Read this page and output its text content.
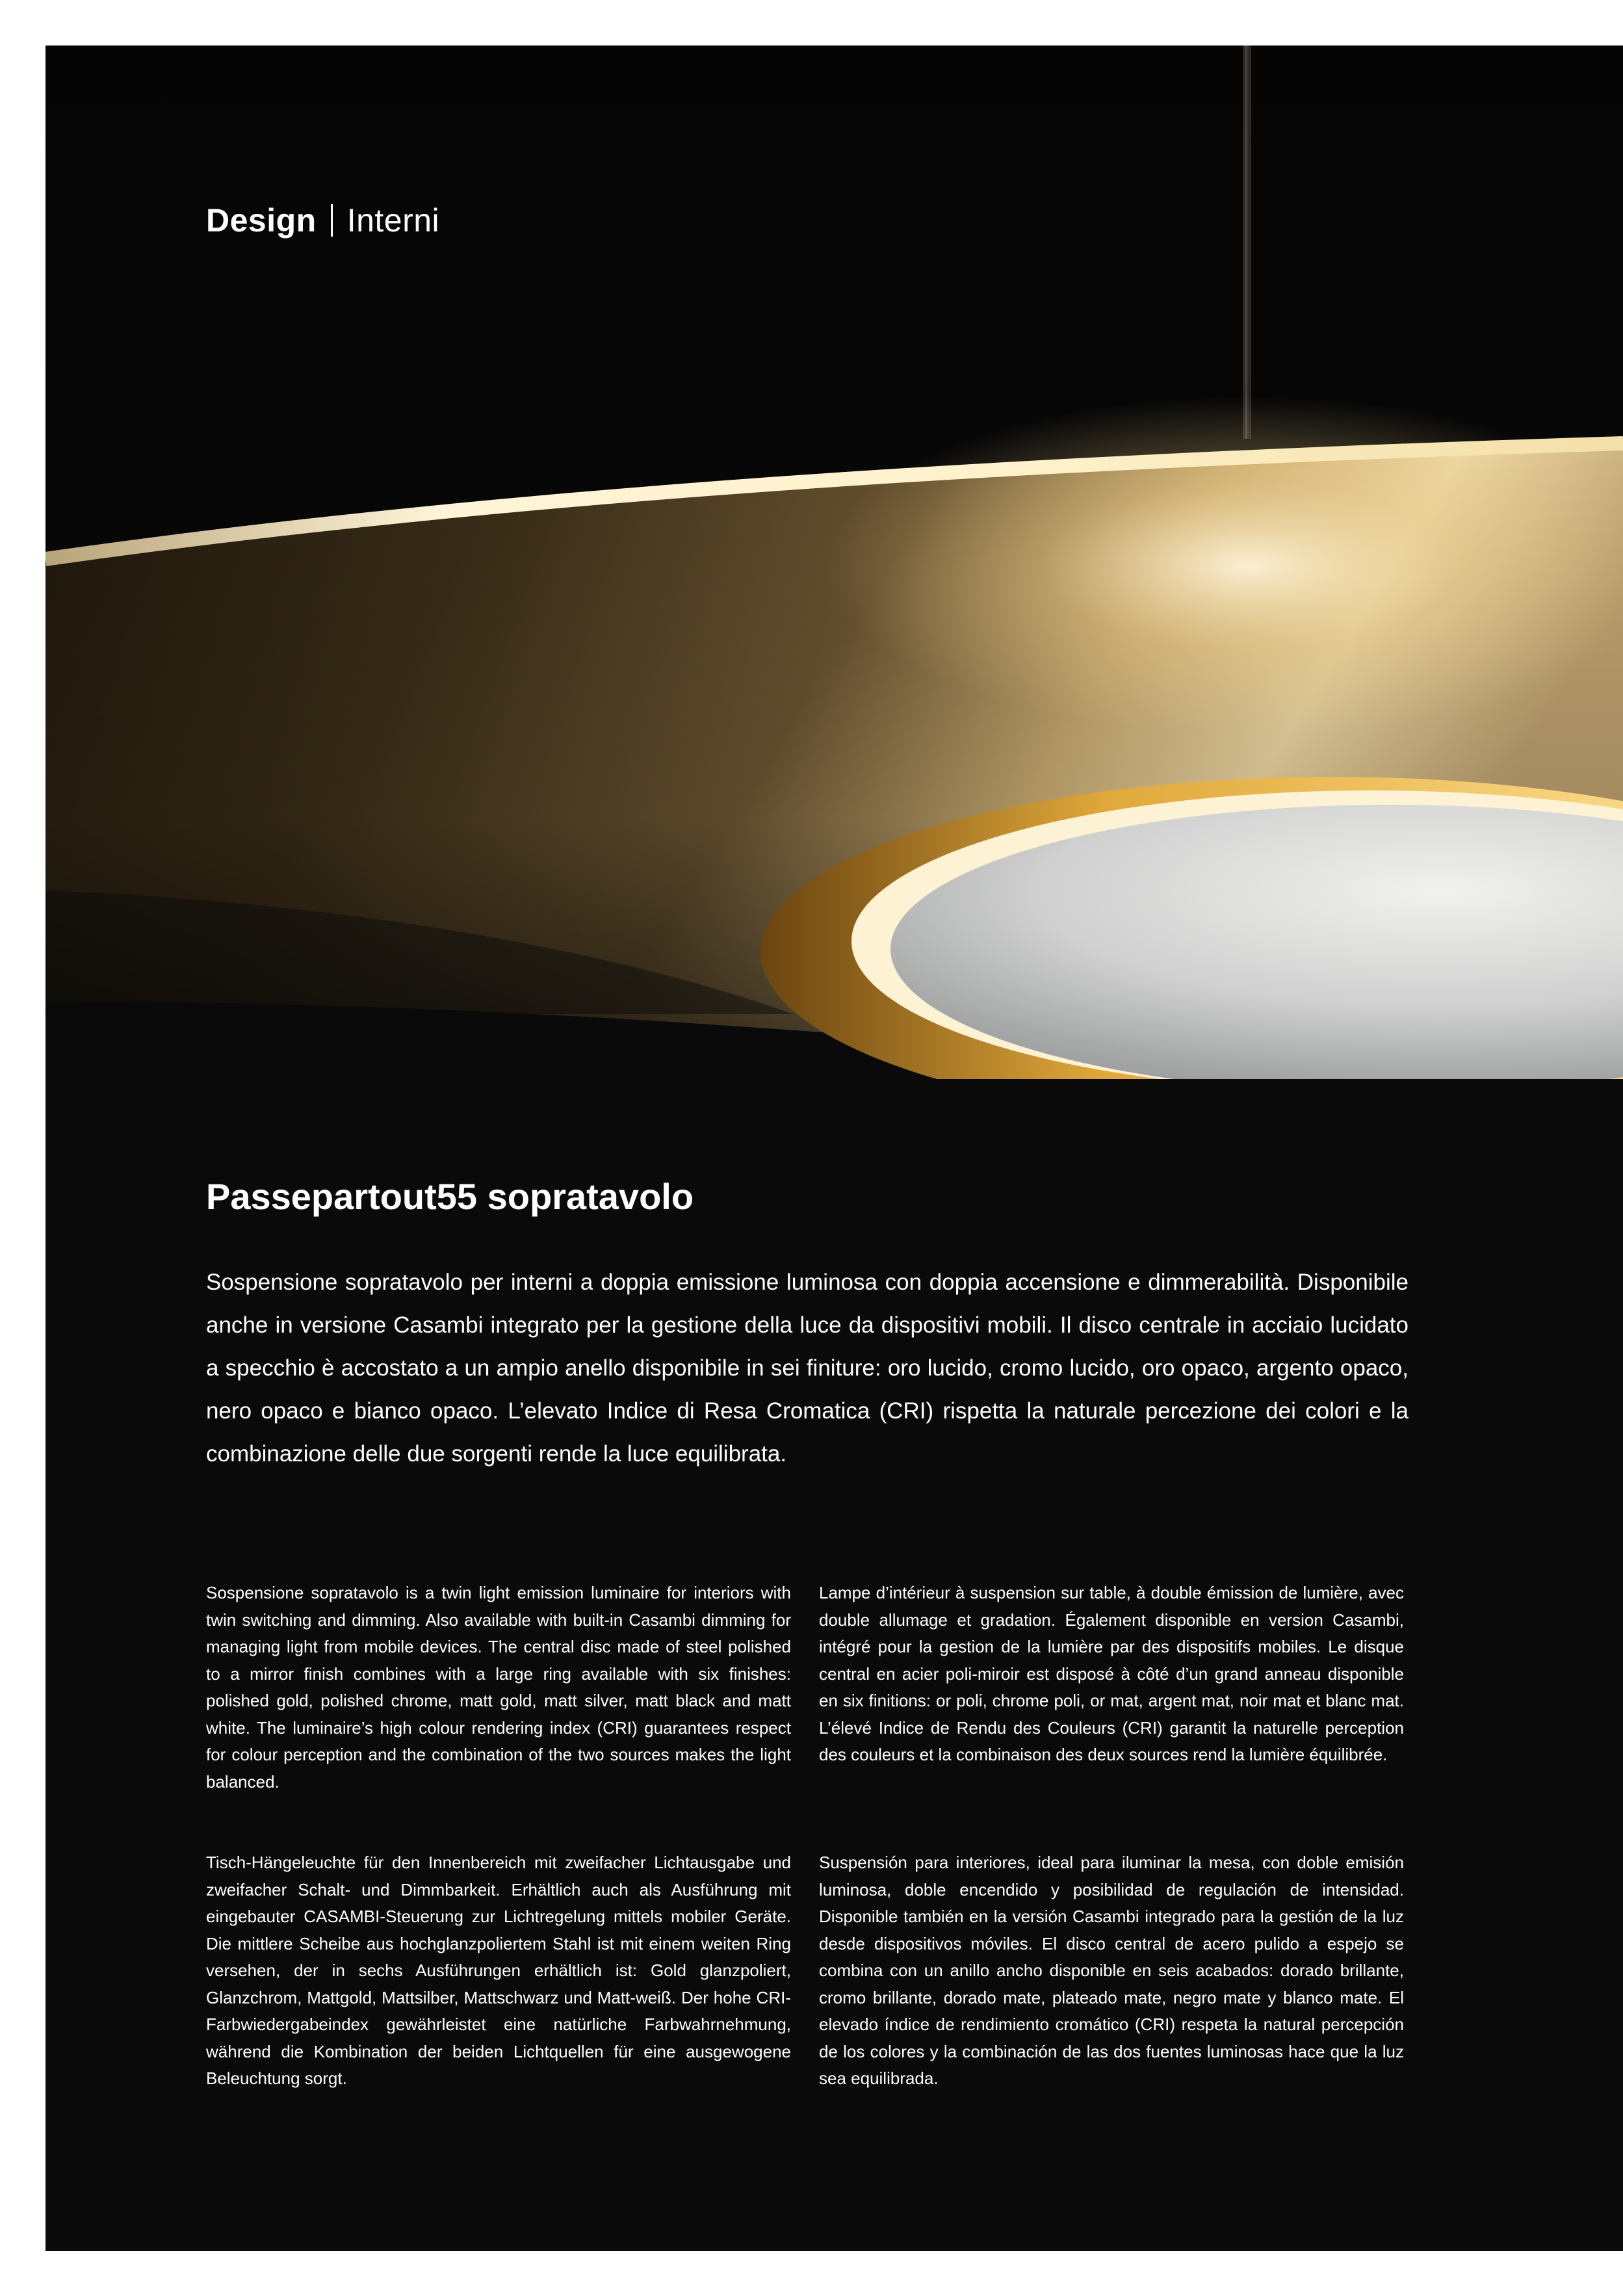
Design Interni
Passepartout55 sopratavolo

Sospensione sopratavolo per interni a doppia emissione luminosa con doppia accensione e dimmerabilità. Disponibile anche in versione Casambi integrato per la gestione della luce da dispositivi mobili. Il disco centrale in acciaio lucidato a specchio è accostato a un ampio anello disponibile in sei finiture: oro lucido, cromo lucido, oro opaco, argento opaco, nero opaco e bianco opaco. L’elevato Indice di Resa Cromatica (CRI) rispetta la naturale percezione dei colori e la combinazione delle due sorgenti rende la luce equilibrata.

Sospensione sopratavolo is a twin light emission luminaire for interiors with twin switching and dimming. Also available with built-in Casambi dimming for managing light from mobile devices. The central disc made of steel polished to a mirror finish combines with a large ring available with six finishes: polished gold, polished chrome, matt gold, matt silver, matt black and matt white. The luminaire’s high colour rendering index (CRI) guarantees respect for colour perception and the combination of the two sources makes the light balanced.

Lampe d’intérieur à suspension sur table, à double émission de lumière, avec double allumage et gradation. Également disponible en version Casambi, intégré pour la gestion de la lumière par des dispositifs mobiles. Le disque central en acier poli-miroir est disposé à côté d’un grand anneau disponible en six finitions: or poli, chrome poli, or mat, argent mat, noir mat et blanc mat. L’élevé Indice de Rendu des Couleurs (CRI) garantit la naturelle perception des couleurs et la combinaison des deux sources rend la lumière équilibrée.

Tisch-Hängeleuchte für den Innenbereich mit zweifacher Lichtausgabe und zweifacher Schalt- und Dimmbarkeit. Erhältlich auch als Ausführung mit eingebauter CASAMBI-Steuerung zur Lichtregelung mittels mobiler Geräte. Die mittlere Scheibe aus hochglanzpoliertem Stahl ist mit einem weiten Ring versehen, der in sechs Ausführungen erhältlich ist: Gold glanzpoliert, Glanzchrom, Mattgold, Mattsilber, Mattschwarz und Matt-weiß. Der hohe CRI-Farbwiedergabeindex gewährleistet eine natürliche Farbwahrnehmung, während die Kombination der beiden Lichtquellen für eine ausgewogene Beleuchtung sorgt.

Suspensión para interiores, ideal para iluminar la mesa, con doble emisión luminosa, doble encendido y posibilidad de regulación de intensidad. Disponible también en la versión Casambi integrado para la gestión de la luz desde dispositivos móviles. El disco central de acero pulido a espejo se combina con un anillo ancho disponible en seis acabados: dorado brillante, cromo brillante, dorado mate, plateado mate, negro mate y blanco mate. El elevado índice de rendimiento cromático (CRI) respeta la natural percepción de los colores y la combinación de las dos fuentes luminosas hace que la luz sea equilibrada.
